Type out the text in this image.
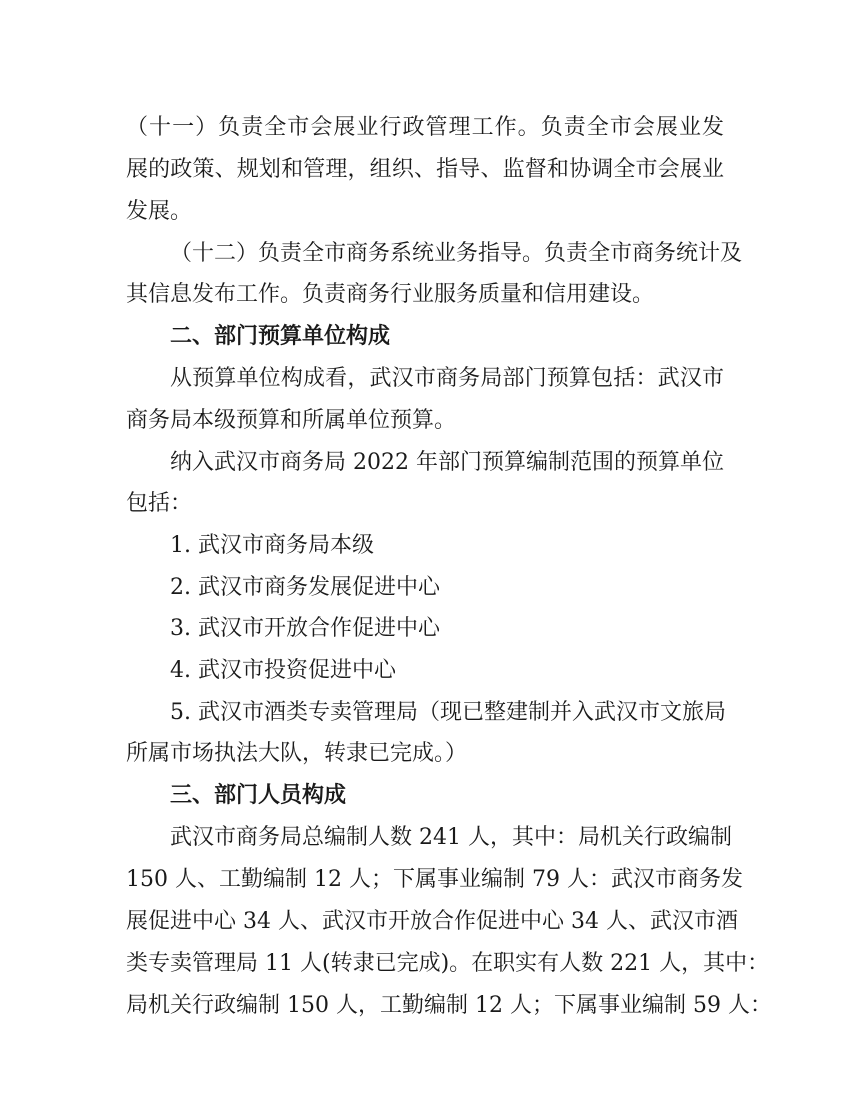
（十一）负责全市会展业行政管理工作。负责全市会展业发
展的政策、规划和管理，组织、指导、监督和协调全市会展业
发展。
（十二）负责全市商务系统业务指导。负责全市商务统计及
其信息发布工作。负责商务行业服务质量和信用建设。
二、部门预算单位构成
从预算单位构成看，武汉市商务局部门预算包括：武汉市
商务局本级预算和所属单位预算。
纳入武汉市商务局 2022 年部门预算编制范围的预算单位
包括：
1. 武汉市商务局本级
2. 武汉市商务发展促进中心
3. 武汉市开放合作促进中心
4. 武汉市投资促进中心
5. 武汉市酒类专卖管理局（现已整建制并入武汉市文旅局
所属市场执法大队，转隶已完成。）
三、部门人员构成
武汉市商务局总编制人数 241 人，其中：局机关行政编制
150 人、工勤编制 12 人；下属事业编制 79 人：武汉市商务发
展促进中心 34 人、武汉市开放合作促进中心 34 人、武汉市酒
类专卖管理局 11 人(转隶已完成)。在职实有人数 221 人，其中：
局机关行政编制 150 人，工勤编制 12 人；下属事业编制 59 人：
